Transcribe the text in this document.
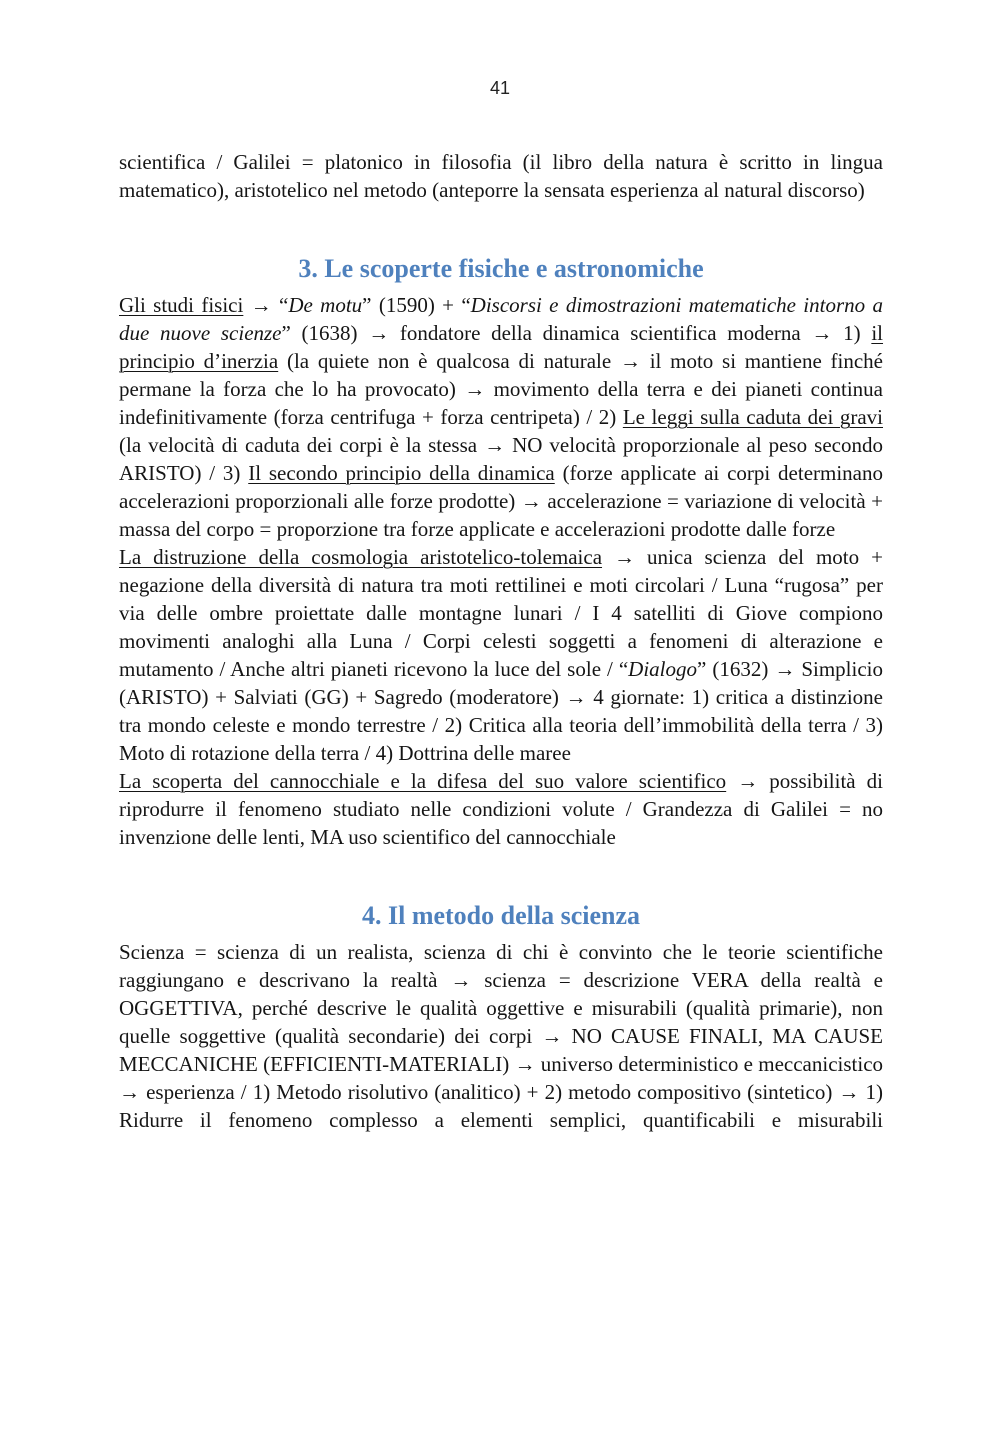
41

scientifica / Galilei = platonico in filosofia (il libro della natura è scritto in lingua matematico), aristotelico nel metodo (anteporre la sensata esperienza al natural discorso)

3. Le scoperte fisiche e astronomiche

Gli studi fisici → “De motu” (1590) + “Discorsi e dimostrazioni matematiche intorno a due nuove scienze” (1638) → fondatore della dinamica scientifica moderna → 1) il principio d’inerzia (la quiete non è qualcosa di naturale → il moto si mantiene finché permane la forza che lo ha provocato) → movimento della terra e dei pianeti continua indefinitivamente (forza centrifuga + forza centripeta) / 2) Le leggi sulla caduta dei gravi (la velocità di caduta dei corpi è la stessa → NO velocità proporzionale al peso secondo ARISTO) / 3) Il secondo principio della dinamica (forze applicate ai corpi determinano accelerazioni proporzionali alle forze prodotte) → accelerazione = variazione di velocità + massa del corpo = proporzione tra forze applicate e accelerazioni prodotte dalle forze

La distruzione della cosmologia aristotelico-tolemaica → unica scienza del moto + negazione della diversità di natura tra moti rettilinei e moti circolari / Luna “rugosa” per via delle ombre proiettate dalle montagne lunari / I 4 satelliti di Giove compiono movimenti analoghi alla Luna / Corpi celesti soggetti a fenomeni di alterazione e mutamento / Anche altri pianeti ricevono la luce del sole / “Dialogo” (1632) → Simplicio (ARISTO) + Salviati (GG) + Sagredo (moderatore) → 4 giornate: 1) critica a distinzione tra mondo celeste e mondo terrestre / 2) Critica alla teoria dell’immobilità della terra / 3) Moto di rotazione della terra / 4) Dottrina delle maree

La scoperta del cannocchiale e la difesa del suo valore scientifico → possibilità di riprodurre il fenomeno studiato nelle condizioni volute / Grandezza di Galilei = no invenzione delle lenti, MA uso scientifico del cannocchiale

4. Il metodo della scienza

Scienza = scienza di un realista, scienza di chi è convinto che le teorie scientifiche raggiungano e descrivano la realtà → scienza = descrizione VERA della realtà e OGGETTIVA, perché descrive le qualità oggettive e misurabili (qualità primarie), non quelle soggettive (qualità secondarie) dei corpi → NO CAUSE FINALI, MA CAUSE MECCANICHE (EFFICIENTI-MATERIALI) → universo deterministico e meccanicistico → esperienza / 1) Metodo risolutivo (analitico) + 2) metodo compositivo (sintetico) → 1) Ridurre il fenomeno complesso a elementi semplici, quantificabili e misurabili
